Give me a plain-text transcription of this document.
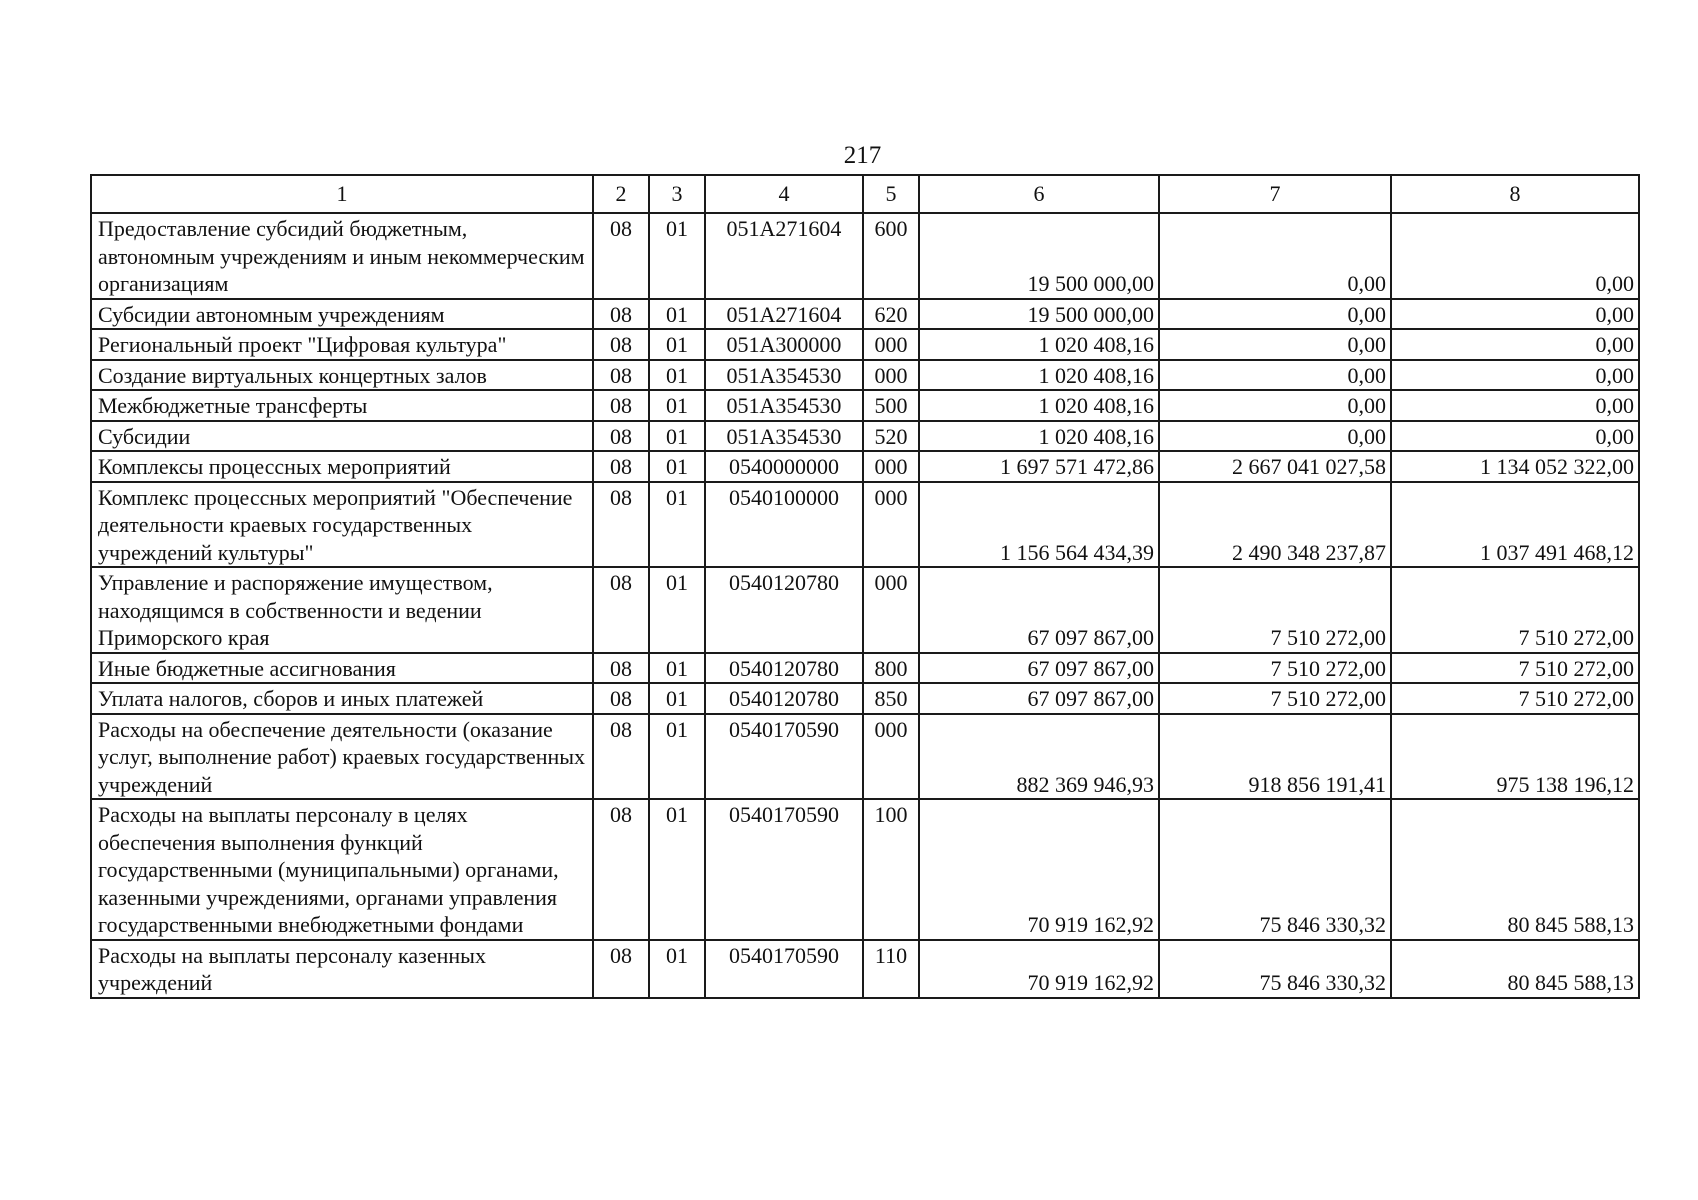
217
1	2	3	4	5	6	7	8
Предоставление субсидий бюджетным, автономным учреждениям и иным некоммерческим организациям	08	01	051A271604	600	19 500 000,00	0,00	0,00
Субсидии автономным учреждениям	08	01	051A271604	620	19 500 000,00	0,00	0,00
Региональный проект "Цифровая культура"	08	01	051A300000	000	1 020 408,16	0,00	0,00
Создание виртуальных концертных залов	08	01	051A354530	000	1 020 408,16	0,00	0,00
Межбюджетные трансферты	08	01	051A354530	500	1 020 408,16	0,00	0,00
Субсидии	08	01	051A354530	520	1 020 408,16	0,00	0,00
Комплексы процессных мероприятий	08	01	0540000000	000	1 697 571 472,86	2 667 041 027,58	1 134 052 322,00
Комплекс процессных мероприятий "Обеспечение деятельности краевых государственных учреждений культуры"	08	01	0540100000	000	1 156 564 434,39	2 490 348 237,87	1 037 491 468,12
Управление и распоряжение имуществом, находящимся в собственности и ведении Приморского края	08	01	0540120780	000	67 097 867,00	7 510 272,00	7 510 272,00
Иные бюджетные ассигнования	08	01	0540120780	800	67 097 867,00	7 510 272,00	7 510 272,00
Уплата налогов, сборов и иных платежей	08	01	0540120780	850	67 097 867,00	7 510 272,00	7 510 272,00
Расходы на обеспечение деятельности (оказание услуг, выполнение работ) краевых государственных учреждений	08	01	0540170590	000	882 369 946,93	918 856 191,41	975 138 196,12
Расходы на выплаты персоналу в целях обеспечения выполнения функций государственными (муниципальными) органами, казенными учреждениями, органами управления государственными внебюджетными фондами	08	01	0540170590	100	70 919 162,92	75 846 330,32	80 845 588,13
Расходы на выплаты персоналу казенных учреждений	08	01	0540170590	110	70 919 162,92	75 846 330,32	80 845 588,13
